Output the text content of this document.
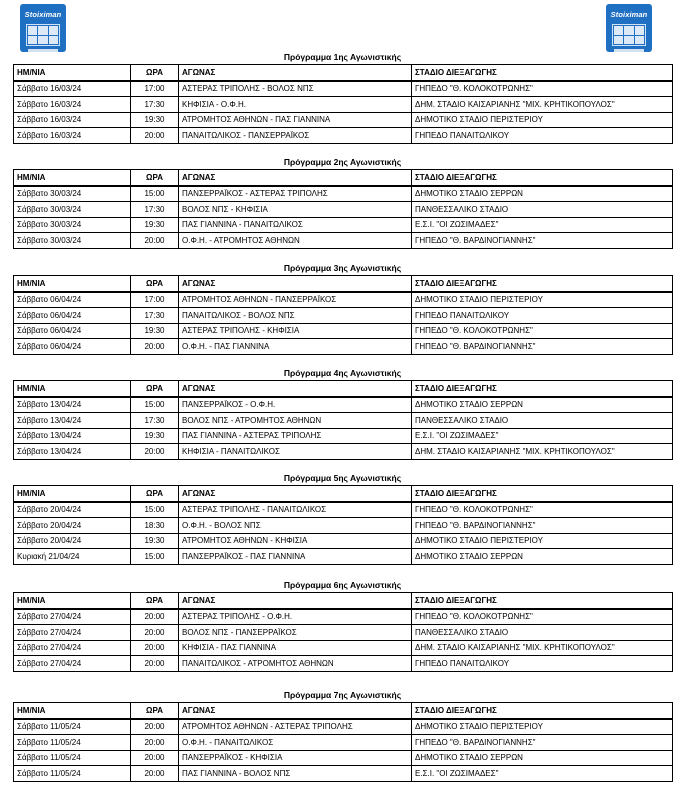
Stoiximan	Stoiximan
Πρόγραμμα 1ης Αγωνιστικής
ΗΜ/ΝΙΑ	ΩΡΑ	ΑΓΩΝΑΣ	ΣΤΑΔΙΟ ΔΙΕΞΑΓΩΓΗΣ
Σάββατο 16/03/24	17:00	ΑΣΤΕΡΑΣ ΤΡΙΠΟΛΗΣ - ΒΟΛΟΣ ΝΠΣ	ΓΗΠΕΔΟ "Θ. ΚΟΛΟΚΟΤΡΩΝΗΣ"
Σάββατο 16/03/24	17:30	ΚΗΦΙΣΙΑ - Ο.Φ.Η.	ΔΗΜ. ΣΤΑΔΙΟ ΚΑΙΣΑΡΙΑΝΗΣ "ΜΙΧ. ΚΡΗΤΙΚΟΠΟΥΛΟΣ"
Σάββατο 16/03/24	19:30	ΑΤΡΟΜΗΤΟΣ ΑΘΗΝΩΝ - ΠΑΣ ΓΙΑΝΝΙΝΑ	ΔΗΜΟΤΙΚΟ ΣΤΑΔΙΟ ΠΕΡΙΣΤΕΡΙΟΥ
Σάββατο 16/03/24	20:00	ΠΑΝΑΙΤΩΛΙΚΟΣ - ΠΑΝΣΕΡΡΑΪΚΟΣ	ΓΗΠΕΔΟ ΠΑΝΑΙΤΩΛΙΚΟΥ
Πρόγραμμα 2ης Αγωνιστικής
ΗΜ/ΝΙΑ	ΩΡΑ	ΑΓΩΝΑΣ	ΣΤΑΔΙΟ ΔΙΕΞΑΓΩΓΗΣ
Σάββατο 30/03/24	15:00	ΠΑΝΣΕΡΡΑΪΚΟΣ - ΑΣΤΕΡΑΣ ΤΡΙΠΟΛΗΣ	ΔΗΜΟΤΙΚΟ ΣΤΑΔΙΟ ΣΕΡΡΩΝ
Σάββατο 30/03/24	17:30	ΒΟΛΟΣ ΝΠΣ - ΚΗΦΙΣΙΑ	ΠΑΝΘΕΣΣΑΛΙΚΟ ΣΤΑΔΙΟ
Σάββατο 30/03/24	19:30	ΠΑΣ ΓΙΑΝΝΙΝΑ - ΠΑΝΑΙΤΩΛΙΚΟΣ	Ε.Σ.Ι. "ΟΙ ΖΩΣΙΜΑΔΕΣ"
Σάββατο 30/03/24	20:00	Ο.Φ.Η. - ΑΤΡΟΜΗΤΟΣ ΑΘΗΝΩΝ	ΓΗΠΕΔΟ "Θ. ΒΑΡΔΙΝΟΓΙΑΝΝΗΣ"
Πρόγραμμα 3ης Αγωνιστικής
ΗΜ/ΝΙΑ	ΩΡΑ	ΑΓΩΝΑΣ	ΣΤΑΔΙΟ ΔΙΕΞΑΓΩΓΗΣ
Σάββατο 06/04/24	17:00	ΑΤΡΟΜΗΤΟΣ ΑΘΗΝΩΝ - ΠΑΝΣΕΡΡΑΪΚΟΣ	ΔΗΜΟΤΙΚΟ ΣΤΑΔΙΟ ΠΕΡΙΣΤΕΡΙΟΥ
Σάββατο 06/04/24	17:30	ΠΑΝΑΙΤΩΛΙΚΟΣ - ΒΟΛΟΣ ΝΠΣ	ΓΗΠΕΔΟ ΠΑΝΑΙΤΩΛΙΚΟΥ
Σάββατο 06/04/24	19:30	ΑΣΤΕΡΑΣ ΤΡΙΠΟΛΗΣ - ΚΗΦΙΣΙΑ	ΓΗΠΕΔΟ "Θ. ΚΟΛΟΚΟΤΡΩΝΗΣ"
Σάββατο 06/04/24	20:00	Ο.Φ.Η. - ΠΑΣ ΓΙΑΝΝΙΝΑ	ΓΗΠΕΔΟ "Θ. ΒΑΡΔΙΝΟΓΙΑΝΝΗΣ"
Πρόγραμμα 4ης Αγωνιστικής
ΗΜ/ΝΙΑ	ΩΡΑ	ΑΓΩΝΑΣ	ΣΤΑΔΙΟ ΔΙΕΞΑΓΩΓΗΣ
Σάββατο 13/04/24	15:00	ΠΑΝΣΕΡΡΑΪΚΟΣ - Ο.Φ.Η.	ΔΗΜΟΤΙΚΟ ΣΤΑΔΙΟ ΣΕΡΡΩΝ
Σάββατο 13/04/24	17:30	ΒΟΛΟΣ ΝΠΣ - ΑΤΡΟΜΗΤΟΣ ΑΘΗΝΩΝ	ΠΑΝΘΕΣΣΑΛΙΚΟ ΣΤΑΔΙΟ
Σάββατο 13/04/24	19:30	ΠΑΣ ΓΙΑΝΝΙΝΑ - ΑΣΤΕΡΑΣ ΤΡΙΠΟΛΗΣ	Ε.Σ.Ι. "ΟΙ ΖΩΣΙΜΑΔΕΣ"
Σάββατο 13/04/24	20:00	ΚΗΦΙΣΙΑ - ΠΑΝΑΙΤΩΛΙΚΟΣ	ΔΗΜ. ΣΤΑΔΙΟ ΚΑΙΣΑΡΙΑΝΗΣ "ΜΙΧ. ΚΡΗΤΙΚΟΠΟΥΛΟΣ"
Πρόγραμμα 5ης Αγωνιστικής
ΗΜ/ΝΙΑ	ΩΡΑ	ΑΓΩΝΑΣ	ΣΤΑΔΙΟ ΔΙΕΞΑΓΩΓΗΣ
Σάββατο 20/04/24	15:00	ΑΣΤΕΡΑΣ ΤΡΙΠΟΛΗΣ - ΠΑΝΑΙΤΩΛΙΚΟΣ	ΓΗΠΕΔΟ "Θ. ΚΟΛΟΚΟΤΡΩΝΗΣ"
Σάββατο 20/04/24	18:30	Ο.Φ.Η. - ΒΟΛΟΣ ΝΠΣ	ΓΗΠΕΔΟ "Θ. ΒΑΡΔΙΝΟΓΙΑΝΝΗΣ"
Σάββατο 20/04/24	19:30	ΑΤΡΟΜΗΤΟΣ ΑΘΗΝΩΝ - ΚΗΦΙΣΙΑ	ΔΗΜΟΤΙΚΟ ΣΤΑΔΙΟ ΠΕΡΙΣΤΕΡΙΟΥ
Κυριακή 21/04/24	15:00	ΠΑΝΣΕΡΡΑΪΚΟΣ - ΠΑΣ ΓΙΑΝΝΙΝΑ	ΔΗΜΟΤΙΚΟ ΣΤΑΔΙΟ ΣΕΡΡΩΝ
Πρόγραμμα 6ης Αγωνιστικής
ΗΜ/ΝΙΑ	ΩΡΑ	ΑΓΩΝΑΣ	ΣΤΑΔΙΟ ΔΙΕΞΑΓΩΓΗΣ
Σάββατο 27/04/24	20:00	ΑΣΤΕΡΑΣ ΤΡΙΠΟΛΗΣ - Ο.Φ.Η.	ΓΗΠΕΔΟ "Θ. ΚΟΛΟΚΟΤΡΩΝΗΣ"
Σάββατο 27/04/24	20:00	ΒΟΛΟΣ ΝΠΣ - ΠΑΝΣΕΡΡΑΪΚΟΣ	ΠΑΝΘΕΣΣΑΛΙΚΟ ΣΤΑΔΙΟ
Σάββατο 27/04/24	20:00	ΚΗΦΙΣΙΑ - ΠΑΣ ΓΙΑΝΝΙΝΑ	ΔΗΜ. ΣΤΑΔΙΟ ΚΑΙΣΑΡΙΑΝΗΣ "ΜΙΧ. ΚΡΗΤΙΚΟΠΟΥΛΟΣ"
Σάββατο 27/04/24	20:00	ΠΑΝΑΙΤΩΛΙΚΟΣ - ΑΤΡΟΜΗΤΟΣ ΑΘΗΝΩΝ	ΓΗΠΕΔΟ ΠΑΝΑΙΤΩΛΙΚΟΥ
Πρόγραμμα 7ης Αγωνιστικής
ΗΜ/ΝΙΑ	ΩΡΑ	ΑΓΩΝΑΣ	ΣΤΑΔΙΟ ΔΙΕΞΑΓΩΓΗΣ
Σάββατο 11/05/24	20:00	ΑΤΡΟΜΗΤΟΣ ΑΘΗΝΩΝ - ΑΣΤΕΡΑΣ ΤΡΙΠΟΛΗΣ	ΔΗΜΟΤΙΚΟ ΣΤΑΔΙΟ ΠΕΡΙΣΤΕΡΙΟΥ
Σάββατο 11/05/24	20:00	Ο.Φ.Η. - ΠΑΝΑΙΤΩΛΙΚΟΣ	ΓΗΠΕΔΟ "Θ. ΒΑΡΔΙΝΟΓΙΑΝΝΗΣ"
Σάββατο 11/05/24	20:00	ΠΑΝΣΕΡΡΑΪΚΟΣ - ΚΗΦΙΣΙΑ	ΔΗΜΟΤΙΚΟ ΣΤΑΔΙΟ ΣΕΡΡΩΝ
Σάββατο 11/05/24	20:00	ΠΑΣ ΓΙΑΝΝΙΝΑ - ΒΟΛΟΣ ΝΠΣ	Ε.Σ.Ι. "ΟΙ ΖΩΣΙΜΑΔΕΣ"
